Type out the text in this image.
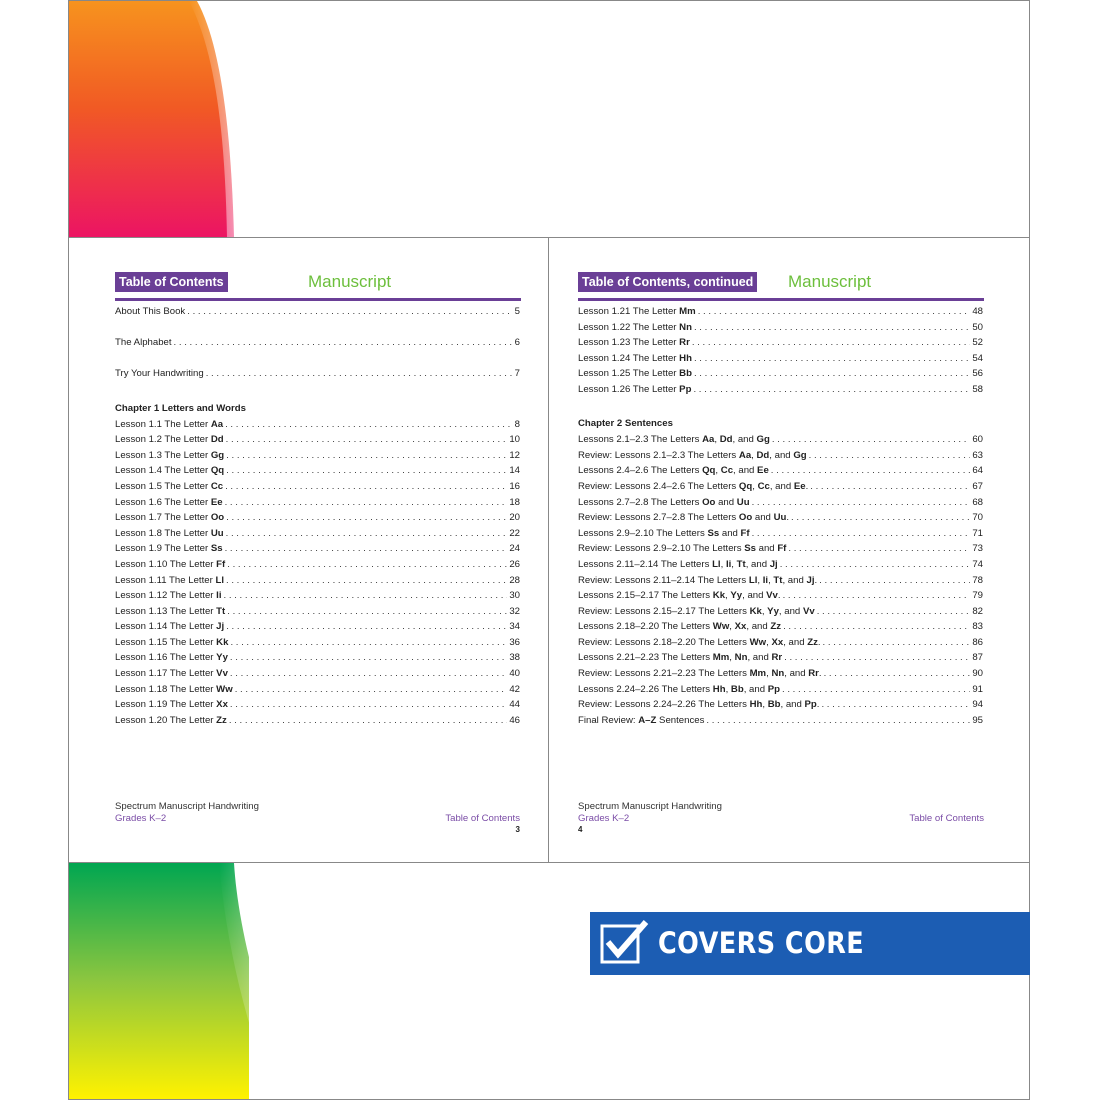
Table of Contents	Manuscript
About This Book . . .	5
The Alphabet . . .	6
Try Your Handwriting . . .	7
Chapter 1 Letters and Words
Lesson 1.1 The Letter Aa . . .	8
Lesson 1.2 The Letter Dd . . .	10
Lesson 1.3 The Letter Gg . . .	12
Lesson 1.4 The Letter Qq . . .	14
Lesson 1.5 The Letter Cc . . .	16
Lesson 1.6 The Letter Ee . . .	18
Lesson 1.7 The Letter Oo . . .	20
Lesson 1.8 The Letter Uu . . .	22
Lesson 1.9 The Letter Ss . . .	24
Lesson 1.10 The Letter Ff . . .	26
Lesson 1.11 The Letter Ll . . .	28
Lesson 1.12 The Letter Ii . . .	30
Lesson 1.13 The Letter Tt . . .	32
Lesson 1.14 The Letter Jj . . .	34
Lesson 1.15 The Letter Kk . . .	36
Lesson 1.16 The Letter Yy . . .	38
Lesson 1.17 The Letter Vv . . .	40
Lesson 1.18 The Letter Ww . . .	42
Lesson 1.19 The Letter Xx . . .	44
Lesson 1.20 The Letter Zz . . .	46
Spectrum Manuscript Handwriting
Grades K–2	Table of Contents
3
Table of Contents, continued Manuscript
Lesson 1.21 The Letter Mm . . .	48
Lesson 1.22 The Letter Nn . . .	50
Lesson 1.23 The Letter Rr . . .	52
Lesson 1.24 The Letter Hh . . .	54
Lesson 1.25 The Letter Bb . . .	56
Lesson 1.26 The Letter Pp . . .	58
Chapter 2 Sentences
Lessons 2.1–2.3 The Letters Aa, Dd, and Gg . . .	60
Review: Lessons 2.1–2.3 The Letters Aa, Dd, and Gg . . .	63
Lessons 2.4–2.6 The Letters Qq, Cc, and Ee . . .	64
Review: Lessons 2.4–2.6 The Letters Qq, Cc, and Ee. . . .	67
Lessons 2.7–2.8 The Letters Oo and Uu . . .	68
Review: Lessons 2.7–2.8 The Letters Oo and Uu. . . .	70
Lessons 2.9–2.10 The Letters Ss and Ff . . .	71
Review: Lessons 2.9–2.10 The Letters Ss and Ff . . .	73
Lessons 2.11–2.14 The Letters Ll, Ii, Tt, and Jj . . .	74
Review: Lessons 2.11–2.14 The Letters Ll, Ii, Tt, and Jj. . . .	78
Lessons 2.15–2.17 The Letters Kk, Yy, and Vv. . . .	79
Review: Lessons 2.15–2.17 The Letters Kk, Yy, and Vv . . .	82
Lessons 2.18–2.20 The Letters Ww, Xx, and Zz . . .	83
Review: Lessons 2.18–2.20 The Letters Ww, Xx, and Zz. . . .	86
Lessons 2.21–2.23 The Letters Mm, Nn, and Rr . . .	87
Review: Lessons 2.21–2.23 The Letters Mm, Nn, and Rr. . . .	90
Lessons 2.24–2.26 The Letters Hh, Bb, and Pp . . .	91
Review: Lessons 2.24–2.26 The Letters Hh, Bb, and Pp. . . .	94
Final Review: A–Z Sentences . . .	95
Spectrum Manuscript Handwriting
Grades K–2	Table of Contents
4
COVERS CORE CONCEPTS
